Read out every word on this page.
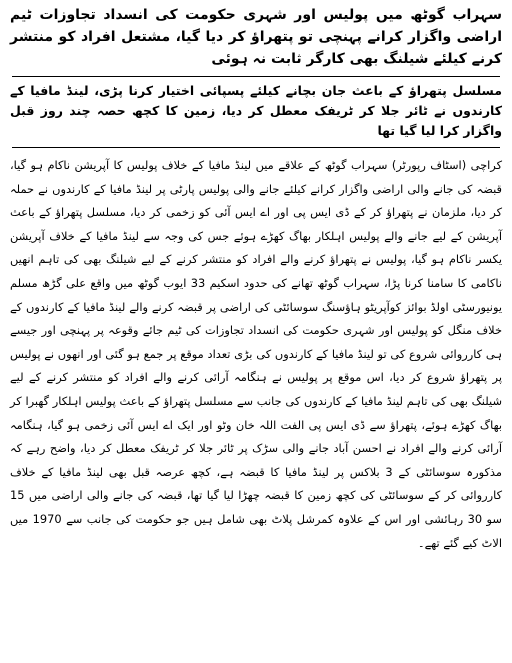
سہراب گوٹھ میں پولیس اور شہری حکومت کی انسداد تجاوزات ٹیم اراضی واگزار کرانے پہنچی تو پتھراؤ کر دیا گیا، مشتعل افراد کو منتشر کرنے کیلئے شیلنگ بھی کارگر ثابت نہ ہوئی
مسلسل پتھراؤ کے باعث جان بچانے کیلئے پسپائی اختیار کرنا پڑی، لینڈ مافیا کے کارندوں نے ٹائر جلا کر ٹریفک معطل کر دیا، زمین کا کچھ حصہ چند روز قبل واگزار کرا لیا گیا تھا

کراچی (اسٹاف رپورٹر) سہراب گوٹھ کے علاقے میں لینڈ مافیا کے خلاف پولیس کا آپریشن ناکام ہو گیا، قبضہ کی جانے والی اراضی واگزار کرانے کیلئے جانے والی پولیس پارٹی پر لینڈ مافیا کے کارندوں نے حملہ کر دیا، ملزمان نے پتھراؤ کر کے ڈی ایس پی اور اے ایس آئی کو زخمی کر دیا، مسلسل پتھراؤ کے باعث آپریشن کے لیے جانے والے پولیس اہلکار بھاگ کھڑے ہوئے جس کی وجہ سے لینڈ مافیا کے خلاف آپریشن یکسر ناکام ہو گیا، پولیس نے پتھراؤ کرنے والے افراد کو منتشر کرنے کے لیے شیلنگ بھی کی تاہم انھیں ناکامی کا سامنا کرنا پڑا، سہراب گوٹھ تھانے کی حدود اسکیم 33 ایوب گوٹھ میں واقع علی گڑھ مسلم یونیورسٹی اولڈ بوائز کوآپریٹو ہاؤسنگ سوسائٹی کی اراضی پر قبضہ کرنے والے لینڈ مافیا کے کارندوں کے خلاف منگل کو پولیس اور شہری حکومت کی انسداد تجاوزات کی ٹیم جائے وقوعہ پر پہنچی اور جیسے ہی کارروائی شروع کی تو لینڈ مافیا کے کارندوں کی بڑی تعداد موقع پر جمع ہو گئی اور انھوں نے پولیس پر پتھراؤ شروع کر دیا، اس موقع پر پولیس نے ہنگامہ آرائی کرنے والے افراد کو منتشر کرنے کے لیے شیلنگ بھی کی تاہم لینڈ مافیا کے کارندوں کی جانب سے مسلسل پتھراؤ کے باعث پولیس اہلکار گھبرا کر بھاگ کھڑے ہوئے، پتھراؤ سے ڈی ایس پی الفت اللہ خان وٹو اور ایک اے ایس آئی زخمی ہو گیا، ہنگامہ آرائی کرنے والے افراد نے احسن آباد جانے والی سڑک پر ٹائر جلا کر ٹریفک معطل کر دیا، واضح رہے کہ مذکورہ سوسائٹی کے 3 بلاکس پر لینڈ مافیا کا قبضہ ہے، کچھ عرصہ قبل بھی لینڈ مافیا کے خلاف کارروائی کر کے سوسائٹی کی کچھ زمین کا قبضہ چھڑا لیا گیا تھا، قبضہ کی جانے والی اراضی میں 15 سو 30 رہائشی اور اس کے علاوہ کمرشل پلاٹ بھی شامل ہیں جو حکومت کی جانب سے 1970 میں الاٹ کیے گئے تھے۔
